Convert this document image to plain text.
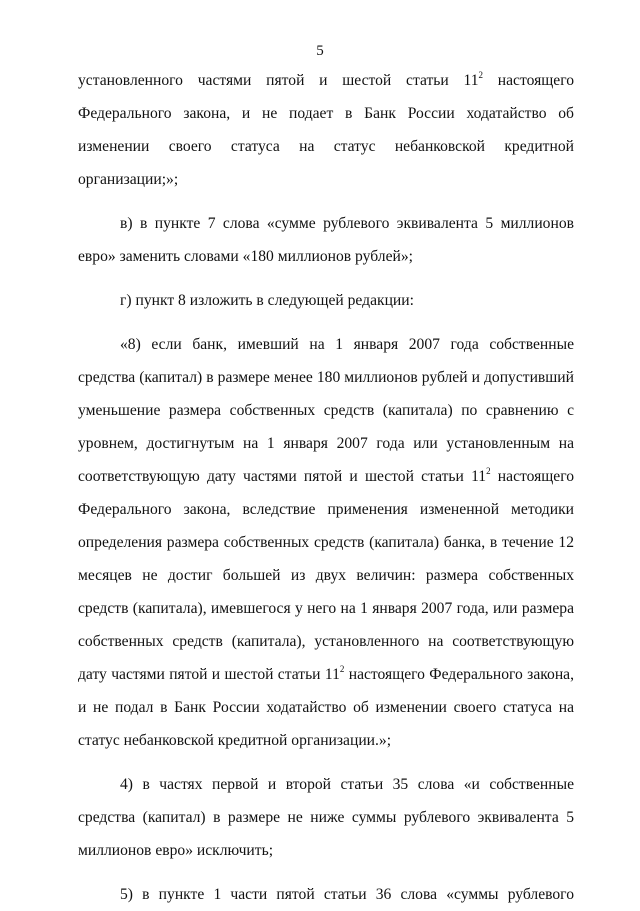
5

установленного частями пятой и шестой статьи $11^2$ настоящего Федерального закона, и не подает в Банк России ходатайство об изменении своего статуса на статус небанковской кредитной организации;»;

в) в пункте 7 слова «сумме рублевого эквивалента 5 миллионов евро» заменить словами «180 миллионов рублей»;

г) пункт 8 изложить в следующей редакции:

«8) если банк, имевший на 1 января 2007 года собственные средства (капитал) в размере менее 180 миллионов рублей и допустивший уменьшение размера собственных средств (капитала) по сравнению с уровнем, достигнутым на 1 января 2007 года или установленным на соответствующую дату частями пятой и шестой статьи $11^2$ настоящего Федерального закона, вследствие применения измененной методики определения размера собственных средств (капитала) банка, в течение 12 месяцев не достиг большей из двух величин: размера собственных средств (капитала), имевшегося у него на 1 января 2007 года, или размера собственных средств (капитала), установленного на соответствующую дату частями пятой и шестой статьи $11^2$ настоящего Федерального закона, и не подал в Банк России ходатайство об изменении своего статуса на статус небанковской кредитной организации.»;

4) в частях первой и второй статьи 35 слова «и собственные средства (капитал) в размере не ниже суммы рублевого эквивалента 5 миллионов евро» исключить;

5) в пункте 1 части пятой статьи 36 слова «суммы рублевого
